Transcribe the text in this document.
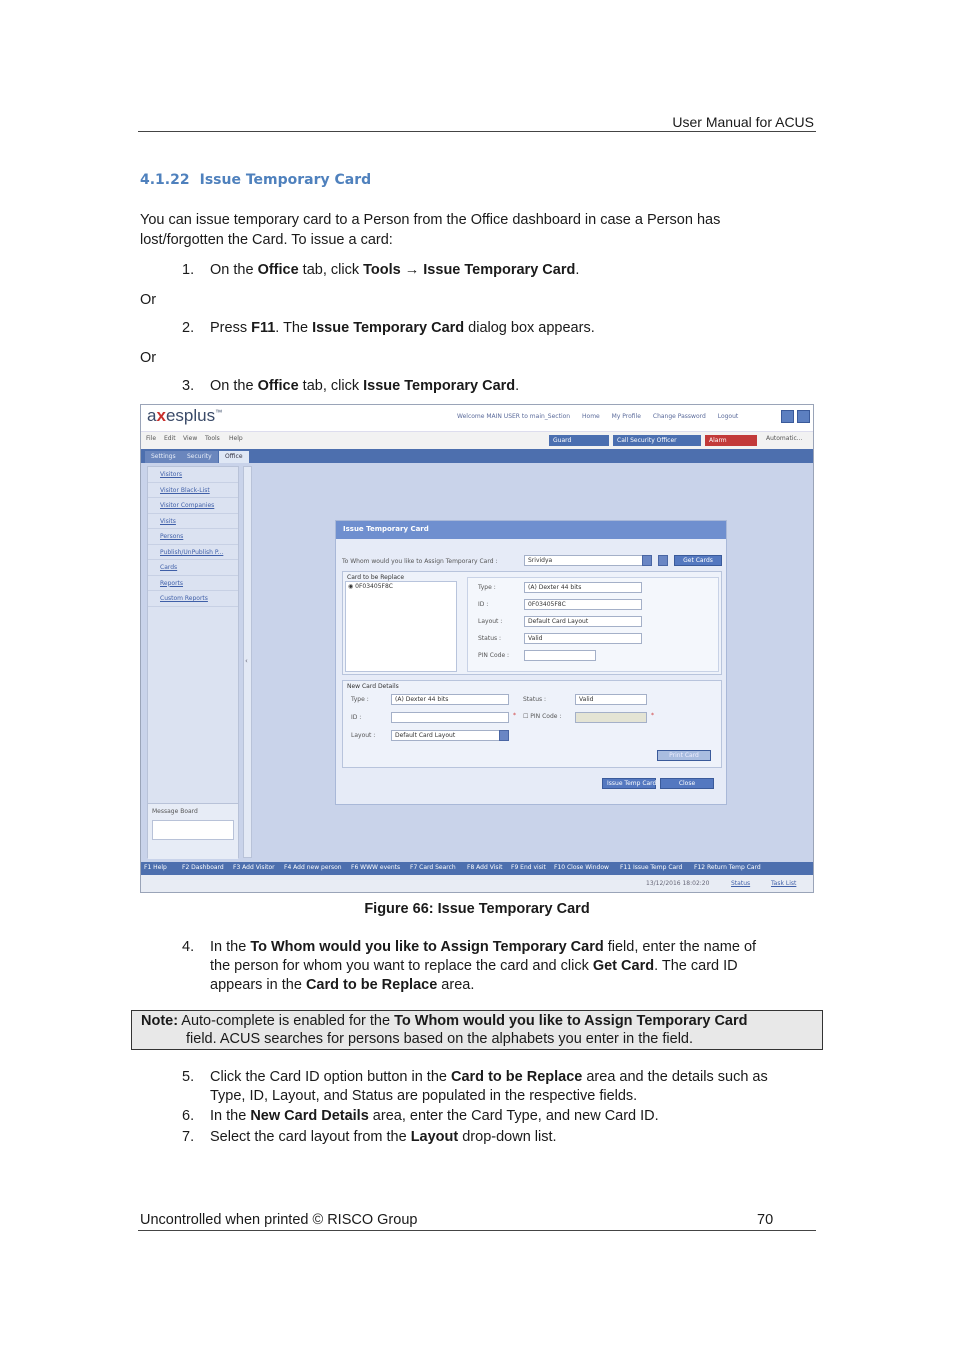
User Manual for ACUS
4.1.22 Issue Temporary Card
You can issue temporary card to a Person from the Office dashboard in case a Person has
lost/forgotten the Card. To issue a card:
1.	On the Office tab, click Tools → Issue Temporary Card.
Or
2.	Press F11. The Issue Temporary Card dialog box appears.
Or
3.	On the Office tab, click Issue Temporary Card.
axesplus™
Welcome MAIN USER to main_Section Home My Profile Change Password Logout
File Edit View Tools Help	Guard	Call Security Officer	Alarm	Automatic...
Settings	Security	Office
Visitors
Visitor Black-List
Visitor Companies
Visits
Persons
Publish/UnPublish P...
Cards
Reports
Custom Reports
Message Board
‹
Issue Temporary Card
To Whom would you like to Assign Temporary Card :	Srividya	Get Cards
Card to be Replace
◉ 0F03405F8C	Type :	(A) Dexter 44 bits
ID :	0F03405F8C
Layout :	Default Card Layout
Status :	Valid
PIN Code :
New Card Details
Type :	(A) Dexter 44 bits	Status :	Valid
ID :	* ☐ PIN Code :	*
Layout :	Default Card Layout
Print Card
Issue Temp Card	Close
F1 Help	F2 Dashboard F3 Add Visitor F4 Add new person F6 WWW events F7 Card Search F8 Add Visit F9 End visit F10 Close Window F11 Issue Temp Card F12 Return Temp Card
13/12/2016 18:02:20	Status	Task List
Figure 66: Issue Temporary Card
4.	In the To Whom would you like to Assign Temporary Card field, enter the name of
the person for whom you want to replace the card and click Get Card. The card ID
appears in the Card to be Replace area.
Note: Auto-complete is enabled for the To Whom would you like to Assign Temporary Card
field. ACUS searches for persons based on the alphabets you enter in the field.
5.	Click the Card ID option button in the Card to be Replace area and the details such as
Type, ID, Layout, and Status are populated in the respective fields.
6.	In the New Card Details area, enter the Card Type, and new Card ID.
7.	Select the card layout from the Layout drop-down list.
Uncontrolled when printed © RISCO Group	70
